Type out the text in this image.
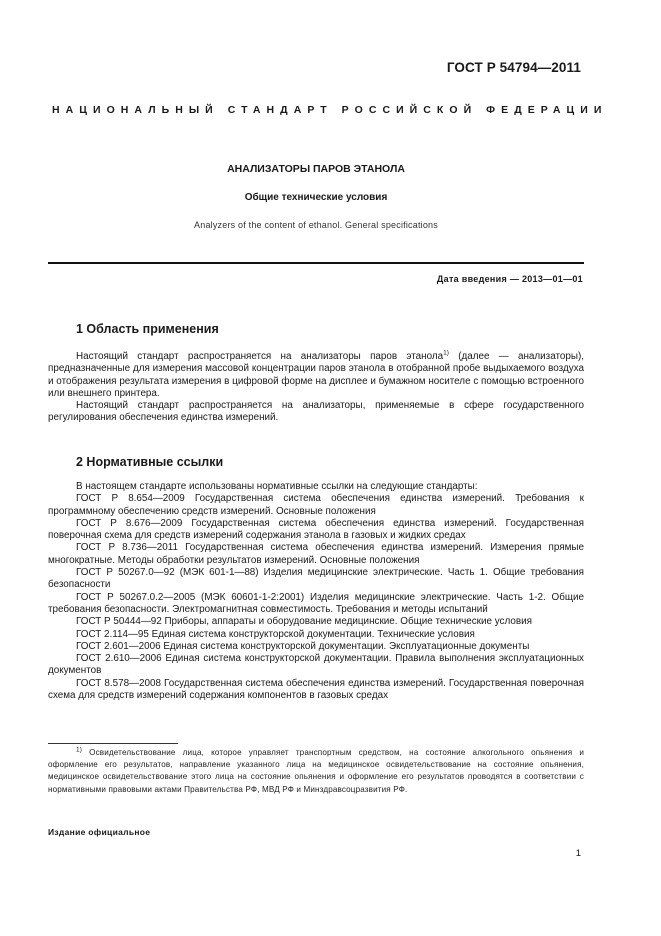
ГОСТ Р 54794—2011
НАЦИОНАЛЬНЫЙ СТАНДАРТ РОССИЙСКОЙ ФЕДЕРАЦИИ
АНАЛИЗАТОРЫ ПАРОВ ЭТАНОЛА
Общие технические условия
Analyzers of the content of ethanol. General specifications
Дата введения — 2013—01—01
1 Область применения

Настоящий стандарт распространяется на анализаторы паров этанола$^{1)}$ (далее — анализаторы), предназначенные для измерения массовой концентрации паров этанола в отобранной пробе выдыхаемого воздуха и отображения результата измерения в цифровой форме на дисплее и бумажном носителе с помощью встроенного или внешнего принтера.

Настоящий стандарт распространяется на анализаторы, применяемые в сфере государственного регулирования обеспечения единства измерений.

2 Нормативные ссылки

В настоящем стандарте использованы нормативные ссылки на следующие стандарты:

ГОСТ Р 8.654—2009 Государственная система обеспечения единства измерений. Требования к программному обеспечению средств измерений. Основные положения

ГОСТ Р 8.676—2009 Государственная система обеспечения единства измерений. Государственная поверочная схема для средств измерений содержания этанола в газовых и жидких средах

ГОСТ Р 8.736—2011 Государственная система обеспечения единства измерений. Измерения прямые многократные. Методы обработки результатов измерений. Основные положения

ГОСТ Р 50267.0—92 (МЭК 601-1—88) Изделия медицинские электрические. Часть 1. Общие требования безопасности

ГОСТ Р 50267.0.2—2005 (МЭК 60601-1-2:2001) Изделия медицинские электрические. Часть 1-2. Общие требования безопасности. Электромагнитная совместимость. Требования и методы испытаний

ГОСТ Р 50444—92 Приборы, аппараты и оборудование медицинские. Общие технические условия

ГОСТ 2.114—95 Единая система конструкторской документации. Технические условия

ГОСТ 2.601—2006 Единая система конструкторской документации. Эксплуатационные документы

ГОСТ 2.610—2006 Единая система конструкторской документации. Правила выполнения эксплуатационных документов

ГОСТ 8.578—2008 Государственная система обеспечения единства измерений. Государственная поверочная схема для средств измерений содержания компонентов в газовых средах

$^{1)}$ Освидетельствование лица, которое управляет транспортным средством, на состояние алкогольного опьянения и оформление его результатов, направление указанного лица на медицинское освидетельствование на состояние опьянения, медицинское освидетельствование этого лица на состояние опьянения и оформление его результатов проводятся в соответствии с нормативными правовыми актами Правительства РФ, МВД РФ и Минздравсоцразвития РФ.

Издание официальное
1
